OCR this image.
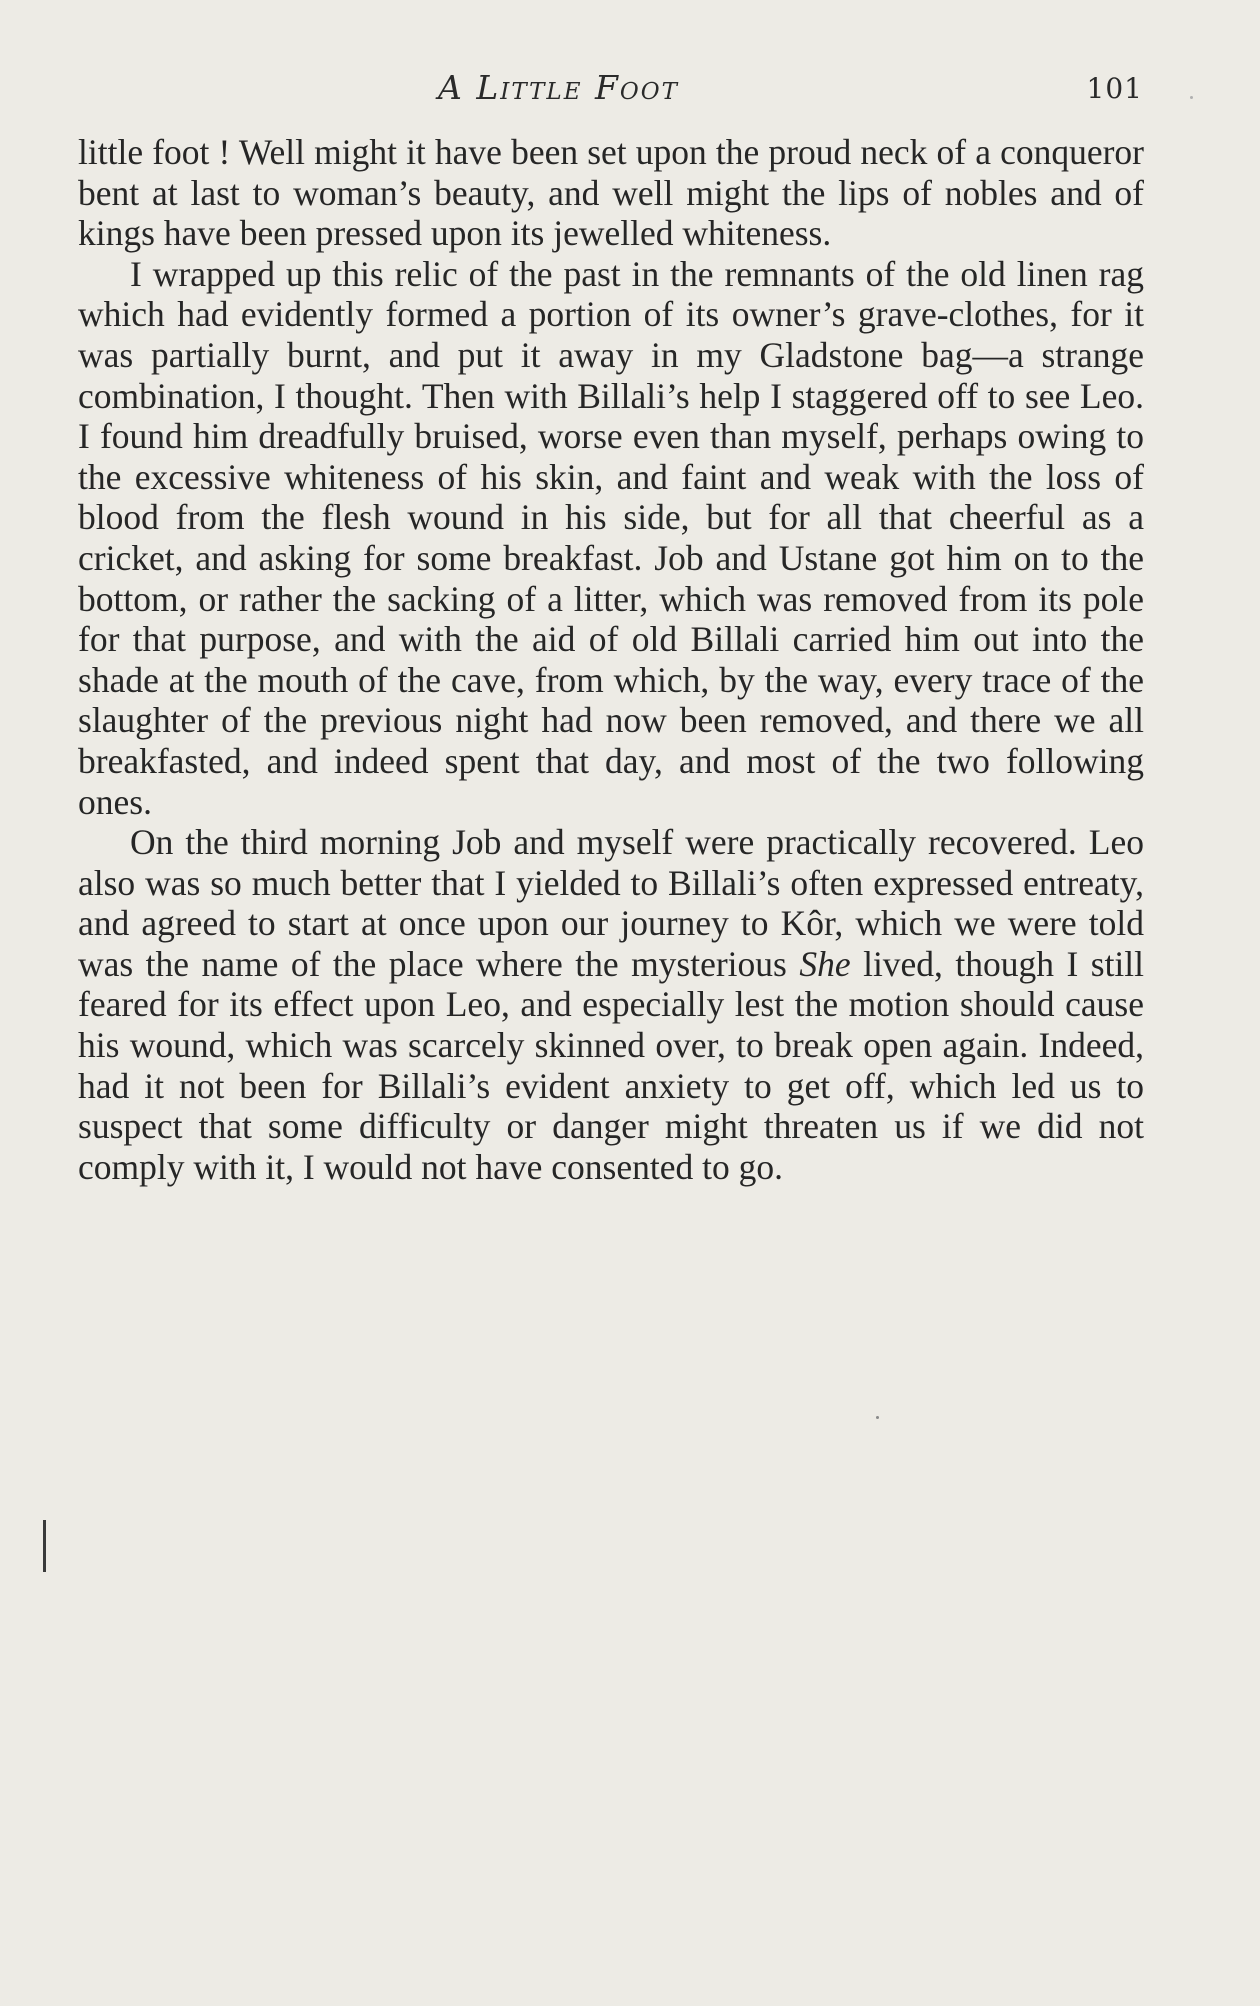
A Little Foot	101

little foot ! Well might it have been set upon the proud neck of a conqueror bent at last to woman’s beauty, and well might the lips of nobles and of kings have been pressed upon its jewelled whiteness.

I wrapped up this relic of the past in the remnants of the old linen rag which had evidently formed a portion of its owner’s grave-clothes, for it was partially burnt, and put it away in my Gladstone bag—a strange combination, I thought. Then with Billali’s help I staggered off to see Leo. I found him dreadfully bruised, worse even than myself, perhaps owing to the excessive whiteness of his skin, and faint and weak with the loss of blood from the flesh wound in his side, but for all that cheerful as a cricket, and asking for some breakfast. Job and Ustane got him on to the bottom, or rather the sacking of a litter, which was removed from its pole for that purpose, and with the aid of old Billali carried him out into the shade at the mouth of the cave, from which, by the way, every trace of the slaughter of the previous night had now been removed, and there we all breakfasted, and indeed spent that day, and most of the two following ones.

On the third morning Job and myself were practically recovered. Leo also was so much better that I yielded to Billali’s often expressed entreaty, and agreed to start at once upon our journey to Kôr, which we were told was the name of the place where the mysterious She lived, though I still feared for its effect upon Leo, and especially lest the motion should cause his wound, which was scarcely skinned over, to break open again. Indeed, had it not been for Billali’s evident anxiety to get off, which led us to suspect that some difficulty or danger might threaten us if we did not comply with it, I would not have consented to go.
